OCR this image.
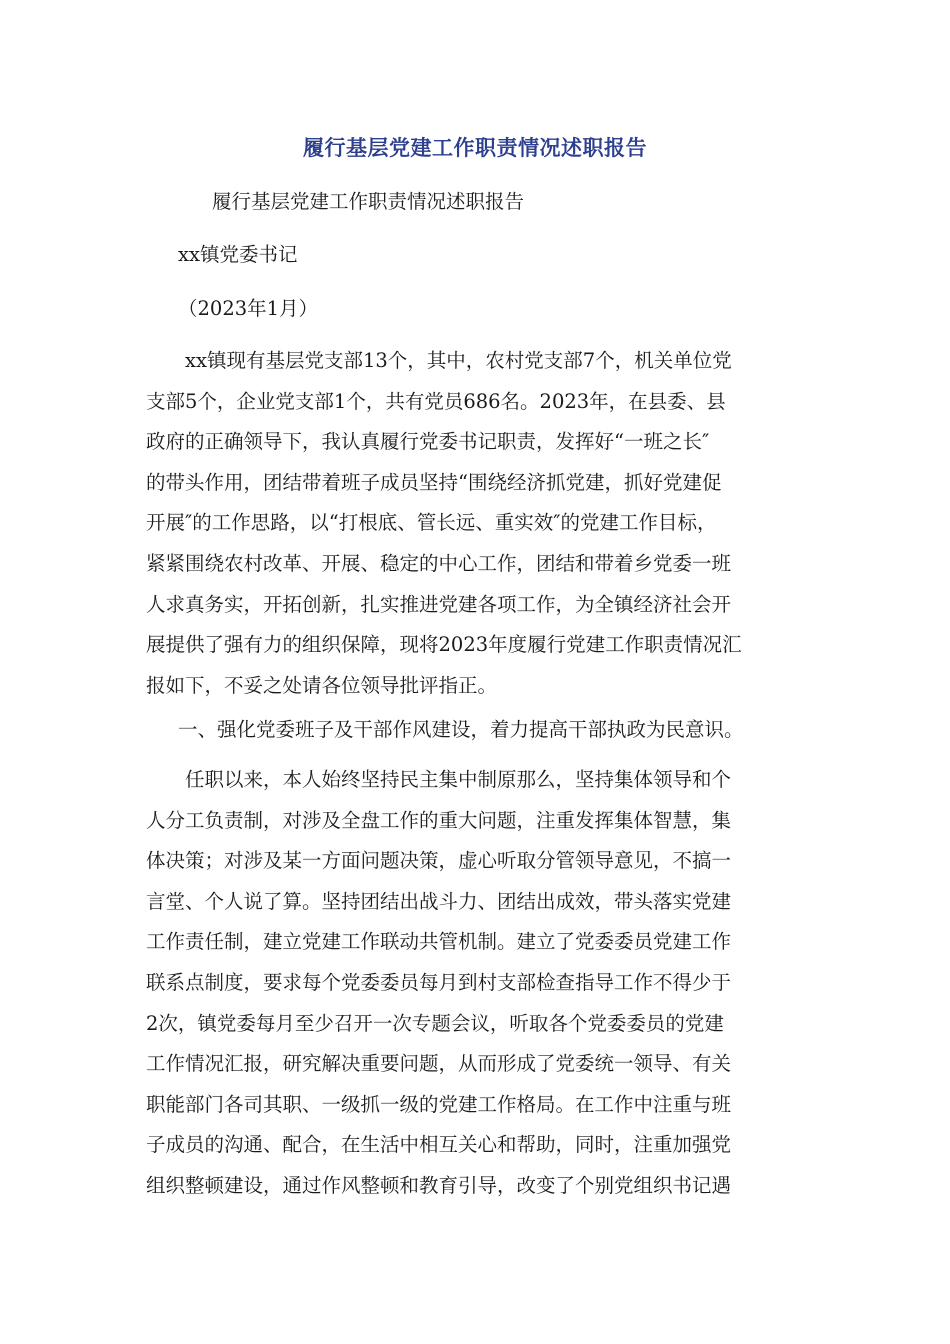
履行基层党建工作职责情况述职报告
履行基层党建工作职责情况述职报告
xx镇党委书记
（2023年1月）
　　xx镇现有基层党支部13个，其中，农村党支部7个，机关单位党
支部5个，企业党支部1个，共有党员686名。2023年，在县委、县
政府的正确领导下，我认真履行党委书记职责，发挥好“一班之长″
的带头作用，团结带着班子成员坚持“围绕经济抓党建，抓好党建促
开展″的工作思路，以“打根底、管长远、重实效″的党建工作目标，
紧紧围绕农村改革、开展、稳定的中心工作，团结和带着乡党委一班
人求真务实，开拓创新，扎实推进党建各项工作，为全镇经济社会开
展提供了强有力的组织保障，现将2023年度履行党建工作职责情况汇
报如下，不妥之处请各位领导批评指正。
一、强化党委班子及干部作风建设，着力提高干部执政为民意识。
　　任职以来，本人始终坚持民主集中制原那么，坚持集体领导和个
人分工负责制，对涉及全盘工作的重大问题，注重发挥集体智慧，集
体决策；对涉及某一方面问题决策，虚心听取分管领导意见，不搞一
言堂、个人说了算。坚持团结出战斗力、团结出成效，带头落实党建
工作责任制，建立党建工作联动共管机制。建立了党委委员党建工作
联系点制度，要求每个党委委员每月到村支部检查指导工作不得少于
2次，镇党委每月至少召开一次专题会议，听取各个党委委员的党建
工作情况汇报，研究解决重要问题，从而形成了党委统一领导、有关
职能部门各司其职、一级抓一级的党建工作格局。在工作中注重与班
子成员的沟通、配合，在生活中相互关心和帮助，同时，注重加强党
组织整顿建设，通过作风整顿和教育引导，改变了个别党组织书记遇
